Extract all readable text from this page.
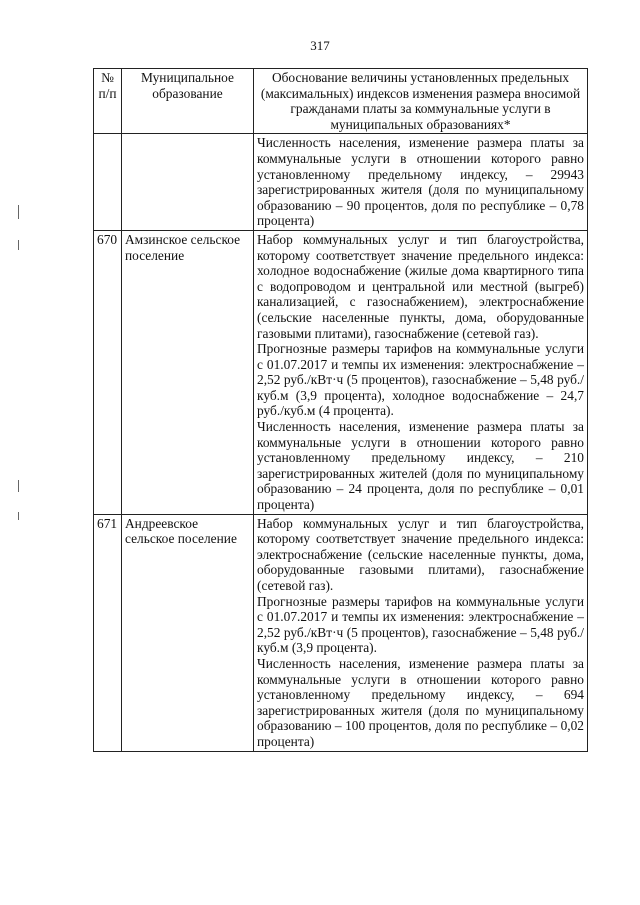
317
№
п/п	Муниципальное образование	Обоснование величины установленных предельных (максимальных) индексов изменения размера вносимой гражданами платы за коммунальные услуги в муниципальных образованиях*

		Численность населения, изменение размера платы за коммунальные услуги в отношении которого равно установленному предельному индексу, – 29943 зарегистрированных жителя (доля по муниципальному образованию – 90 процентов, доля по республике – 0,78 процента)

670	Амзинское сельское поселение	Набор коммунальных услуг и тип благоустройства, которому соответствует значение предельного индекса: холодное водоснабжение (жилые дома квартирного типа с водопроводом и центральной или местной (выгреб) канализацией, с газоснабжением), электроснабжение (сельские населенные пункты, дома, оборудованные газовыми плитами), газоснабжение (сетевой газ).

Прогнозные размеры тарифов на коммунальные услуги с 01.07.2017 и темпы их изменения: электроснабжение – 2,52 руб./кВт·ч (5 процентов), газоснабжение – 5,48 руб./куб.м (3,9 процента), холодное водоснабжение – 24,7 руб./куб.м (4 процента).

Численность населения, изменение размера платы за коммунальные услуги в отношении которого равно установленному предельному индексу, – 210 зарегистрированных жителей (доля по муниципальному образованию – 24 процента, доля по республике – 0,01 процента)

671	Андреевское сельское поселение	Набор коммунальных услуг и тип благоустройства, которому соответствует значение предельного индекса: электроснабжение (сельские населенные пункты, дома, оборудованные газовыми плитами), газоснабжение (сетевой газ).

Прогнозные размеры тарифов на коммунальные услуги с 01.07.2017 и темпы их изменения: электроснабжение – 2,52 руб./кВт·ч (5 процентов), газоснабжение – 5,48 руб./куб.м (3,9 процента).

Численность населения, изменение размера платы за коммунальные услуги в отношении которого равно установленному предельному индексу, – 694 зарегистрированных жителя (доля по муниципальному образованию – 100 процентов, доля по республике – 0,02 процента)
